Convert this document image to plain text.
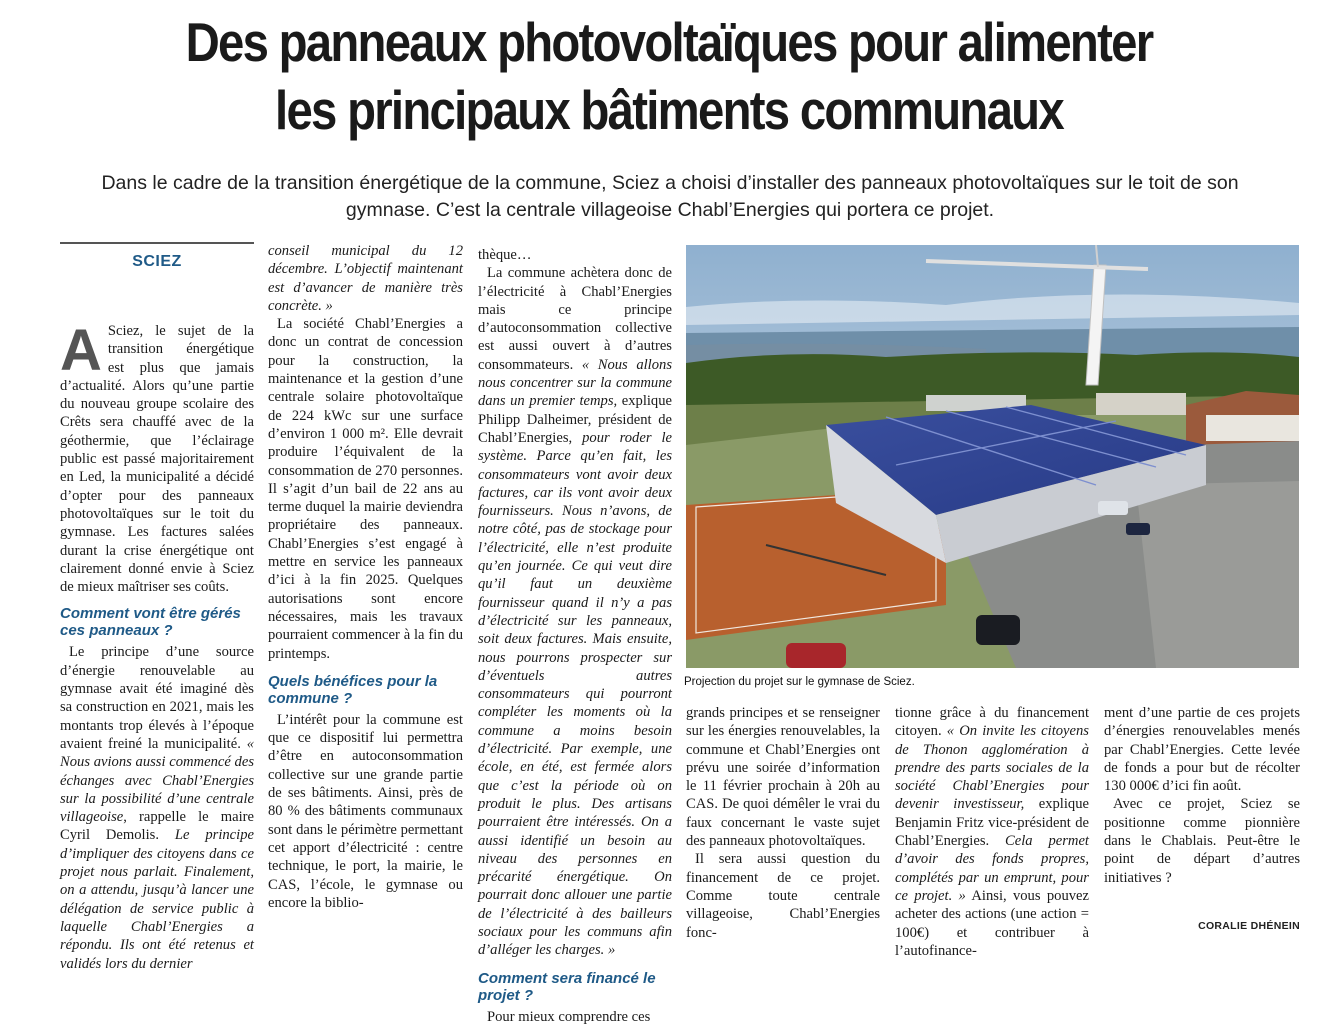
Des panneaux photovoltaïques pour alimenter
les principaux bâtiments communaux
Dans le cadre de la transition énergétique de la commune, Sciez a choisi d’installer des panneaux photovoltaïques sur le toit de son gymnase. C’est la centrale villageoise Chabl’Energies qui portera ce projet.
SCIEZ
A Sciez, le sujet de la transition énergétique est plus que jamais d’actualité. Alors qu’une partie du nouveau groupe scolaire des Crêts sera chauffé avec de la géothermie, que l’éclairage public est passé majoritairement en Led, la municipalité a décidé d’opter pour des panneaux photovoltaïques sur le toit du gymnase. Les factures salées durant la crise énergétique ont clairement donné envie à Sciez de mieux maîtriser ses coûts.

Comment vont être gérés ces panneaux ?

Le principe d’une source d’énergie renouvelable au gymnase avait été imaginé dès sa construction en 2021, mais les montants trop élevés à l’époque avaient freiné la municipalité. « Nous avions aussi commencé des échanges avec Chabl’Energies sur la possibilité d’une centrale villageoise, rappelle le maire Cyril Demolis. Le principe d’impliquer des citoyens dans ce projet nous parlait. Finalement, on a attendu, jusqu’à lancer une délégation de service public à laquelle Chabl’Energies a répondu. Ils ont été retenus et validés lors du dernier

conseil municipal du 12 décembre. L’objectif maintenant est d’avancer de manière très concrète. »

La société Chabl’Energies a donc un contrat de concession pour la construction, la maintenance et la gestion d’une centrale solaire photovoltaïque de 224 kWc sur une surface d’environ 1 000 m². Elle devrait produire l’équivalent de la consommation de 270 personnes. Il s’agit d’un bail de 22 ans au terme duquel la mairie deviendra propriétaire des panneaux. Chabl’Energies s’est engagé à mettre en service les panneaux d’ici à la fin 2025. Quelques autorisations sont encore nécessaires, mais les travaux pourraient commencer à la fin du printemps.

Quels bénéfices pour la commune ?

L’intérêt pour la commune est que ce dispositif lui permettra d’être en autoconsommation collective sur une grande partie de ses bâtiments. Ainsi, près de 80 % des bâtiments communaux sont dans le périmètre permettant cet apport d’électricité : centre technique, le port, la mairie, le CAS, l’école, le gymnase ou encore la biblio-

thèque…

La commune achètera donc de l’électricité à Chabl’Energies mais ce principe d’autoconsommation collective est aussi ouvert à d’autres consommateurs. « Nous allons nous concentrer sur la commune dans un premier temps, explique Philipp Dalheimer, président de Chabl’Energies, pour roder le système. Parce qu’en fait, les consommateurs vont avoir deux factures, car ils vont avoir deux fournisseurs. Nous n’avons, de notre côté, pas de stockage pour l’électricité, elle n’est produite qu’en journée. Ce qui veut dire qu’il faut un deuxième fournisseur quand il n’y a pas d’électricité sur les panneaux, soit deux factures. Mais ensuite, nous pourrons prospecter sur d’éventuels autres consommateurs qui pourront compléter les moments où la commune a moins besoin d’électricité. Par exemple, une école, en été, est fermée alors que c’est la période où on produit le plus. Des artisans pourraient être intéressés. On a aussi identifié un besoin au niveau des personnes en précarité énergétique. On pourrait donc allouer une partie de l’électricité à des bailleurs sociaux pour les communs afin d’alléger les charges. »

Comment sera financé le projet ?

Pour mieux comprendre ces

Projection du projet sur le gymnase de Sciez.

grands principes et se renseigner sur les énergies renouvelables, la commune et Chabl’Energies ont prévu une soirée d’information le 11 février prochain à 20h au CAS. De quoi démêler le vrai du faux concernant le vaste sujet des panneaux photovoltaïques.

Il sera aussi question du financement de ce projet. Comme toute centrale villageoise, Chabl’Energies fonc-

tionne grâce à du financement citoyen. « On invite les citoyens de Thonon agglomération à prendre des parts sociales de la société Chabl’Energies pour devenir investisseur, explique Benjamin Fritz vice-président de Chabl’Energies. Cela permet d’avoir des fonds propres, complétés par un emprunt, pour ce projet. » Ainsi, vous pouvez acheter des actions (une action = 100€) et contribuer à l’autofinance-

ment d’une partie de ces projets d’énergies renouvelables menés par Chabl’Energies. Cette levée de fonds a pour but de récolter 130 000€ d’ici fin août.

Avec ce projet, Sciez se positionne comme pionnière dans le Chablais. Peut-être le point de départ d’autres initiatives ?

CORALIE DHÉNEIN
